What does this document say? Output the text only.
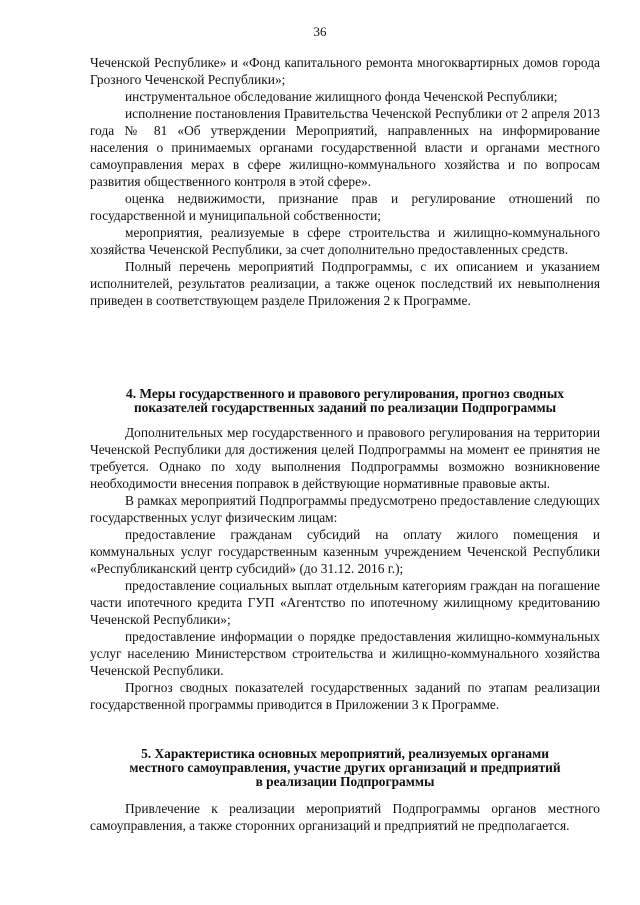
36

Чеченской Республике» и «Фонд капитального ремонта многоквартирных домов города Грозного Чеченской Республики»;

инструментальное обследование жилищного фонда Чеченской Республики;

исполнение постановления Правительства Чеченской Республики от 2 апреля 2013 года № 81 «Об утверждении Мероприятий, направленных на информирование населения о принимаемых органами государственной власти и органами местного самоуправления мерах в сфере жилищно-коммунального хозяйства и по вопросам развития общественного контроля в этой сфере».

оценка недвижимости, признание прав и регулирование отношений по государственной и муниципальной собственности;

мероприятия, реализуемые в сфере строительства и жилищно-коммунального хозяйства Чеченской Республики, за счет дополнительно предоставленных средств.

Полный перечень мероприятий Подпрограммы, с их описанием и указанием исполнителей, результатов реализации, а также оценок последствий их невыполнения приведен в соответствующем разделе Приложения 2 к Программе.

4. Меры государственного и правового регулирования, прогноз сводных

показателей государственных заданий по реализации Подпрограммы

Дополнительных мер государственного и правового регулирования на территории Чеченской Республики для достижения целей Подпрограммы на момент ее принятия не требуется. Однако по ходу выполнения Подпрограммы возможно возникновение необходимости внесения поправок в действующие нормативные правовые акты.

В рамках мероприятий Подпрограммы предусмотрено предоставление следующих государственных услуг физическим лицам:

предоставление гражданам субсидий на оплату жилого помещения и коммунальных услуг государственным казенным учреждением Чеченской Республики «Республиканский центр субсидий» (до 31.12. 2016 г.);

предоставление социальных выплат отдельным категориям граждан на погашение части ипотечного кредита ГУП «Агентство по ипотечному жилищному кредитованию Чеченской Республики»;

предоставление информации о порядке предоставления жилищно-коммунальных услуг населению Министерством строительства и жилищно-коммунального хозяйства Чеченской Республики.

Прогноз сводных показателей государственных заданий по этапам реализации государственной программы приводится в Приложении 3 к Программе.

5. Характеристика основных мероприятий, реализуемых органами

местного самоуправления, участие других организаций и предприятий

в реализации Подпрограммы

Привлечение к реализации мероприятий Подпрограммы органов местного самоуправления, а также сторонних организаций и предприятий не предполагается.
